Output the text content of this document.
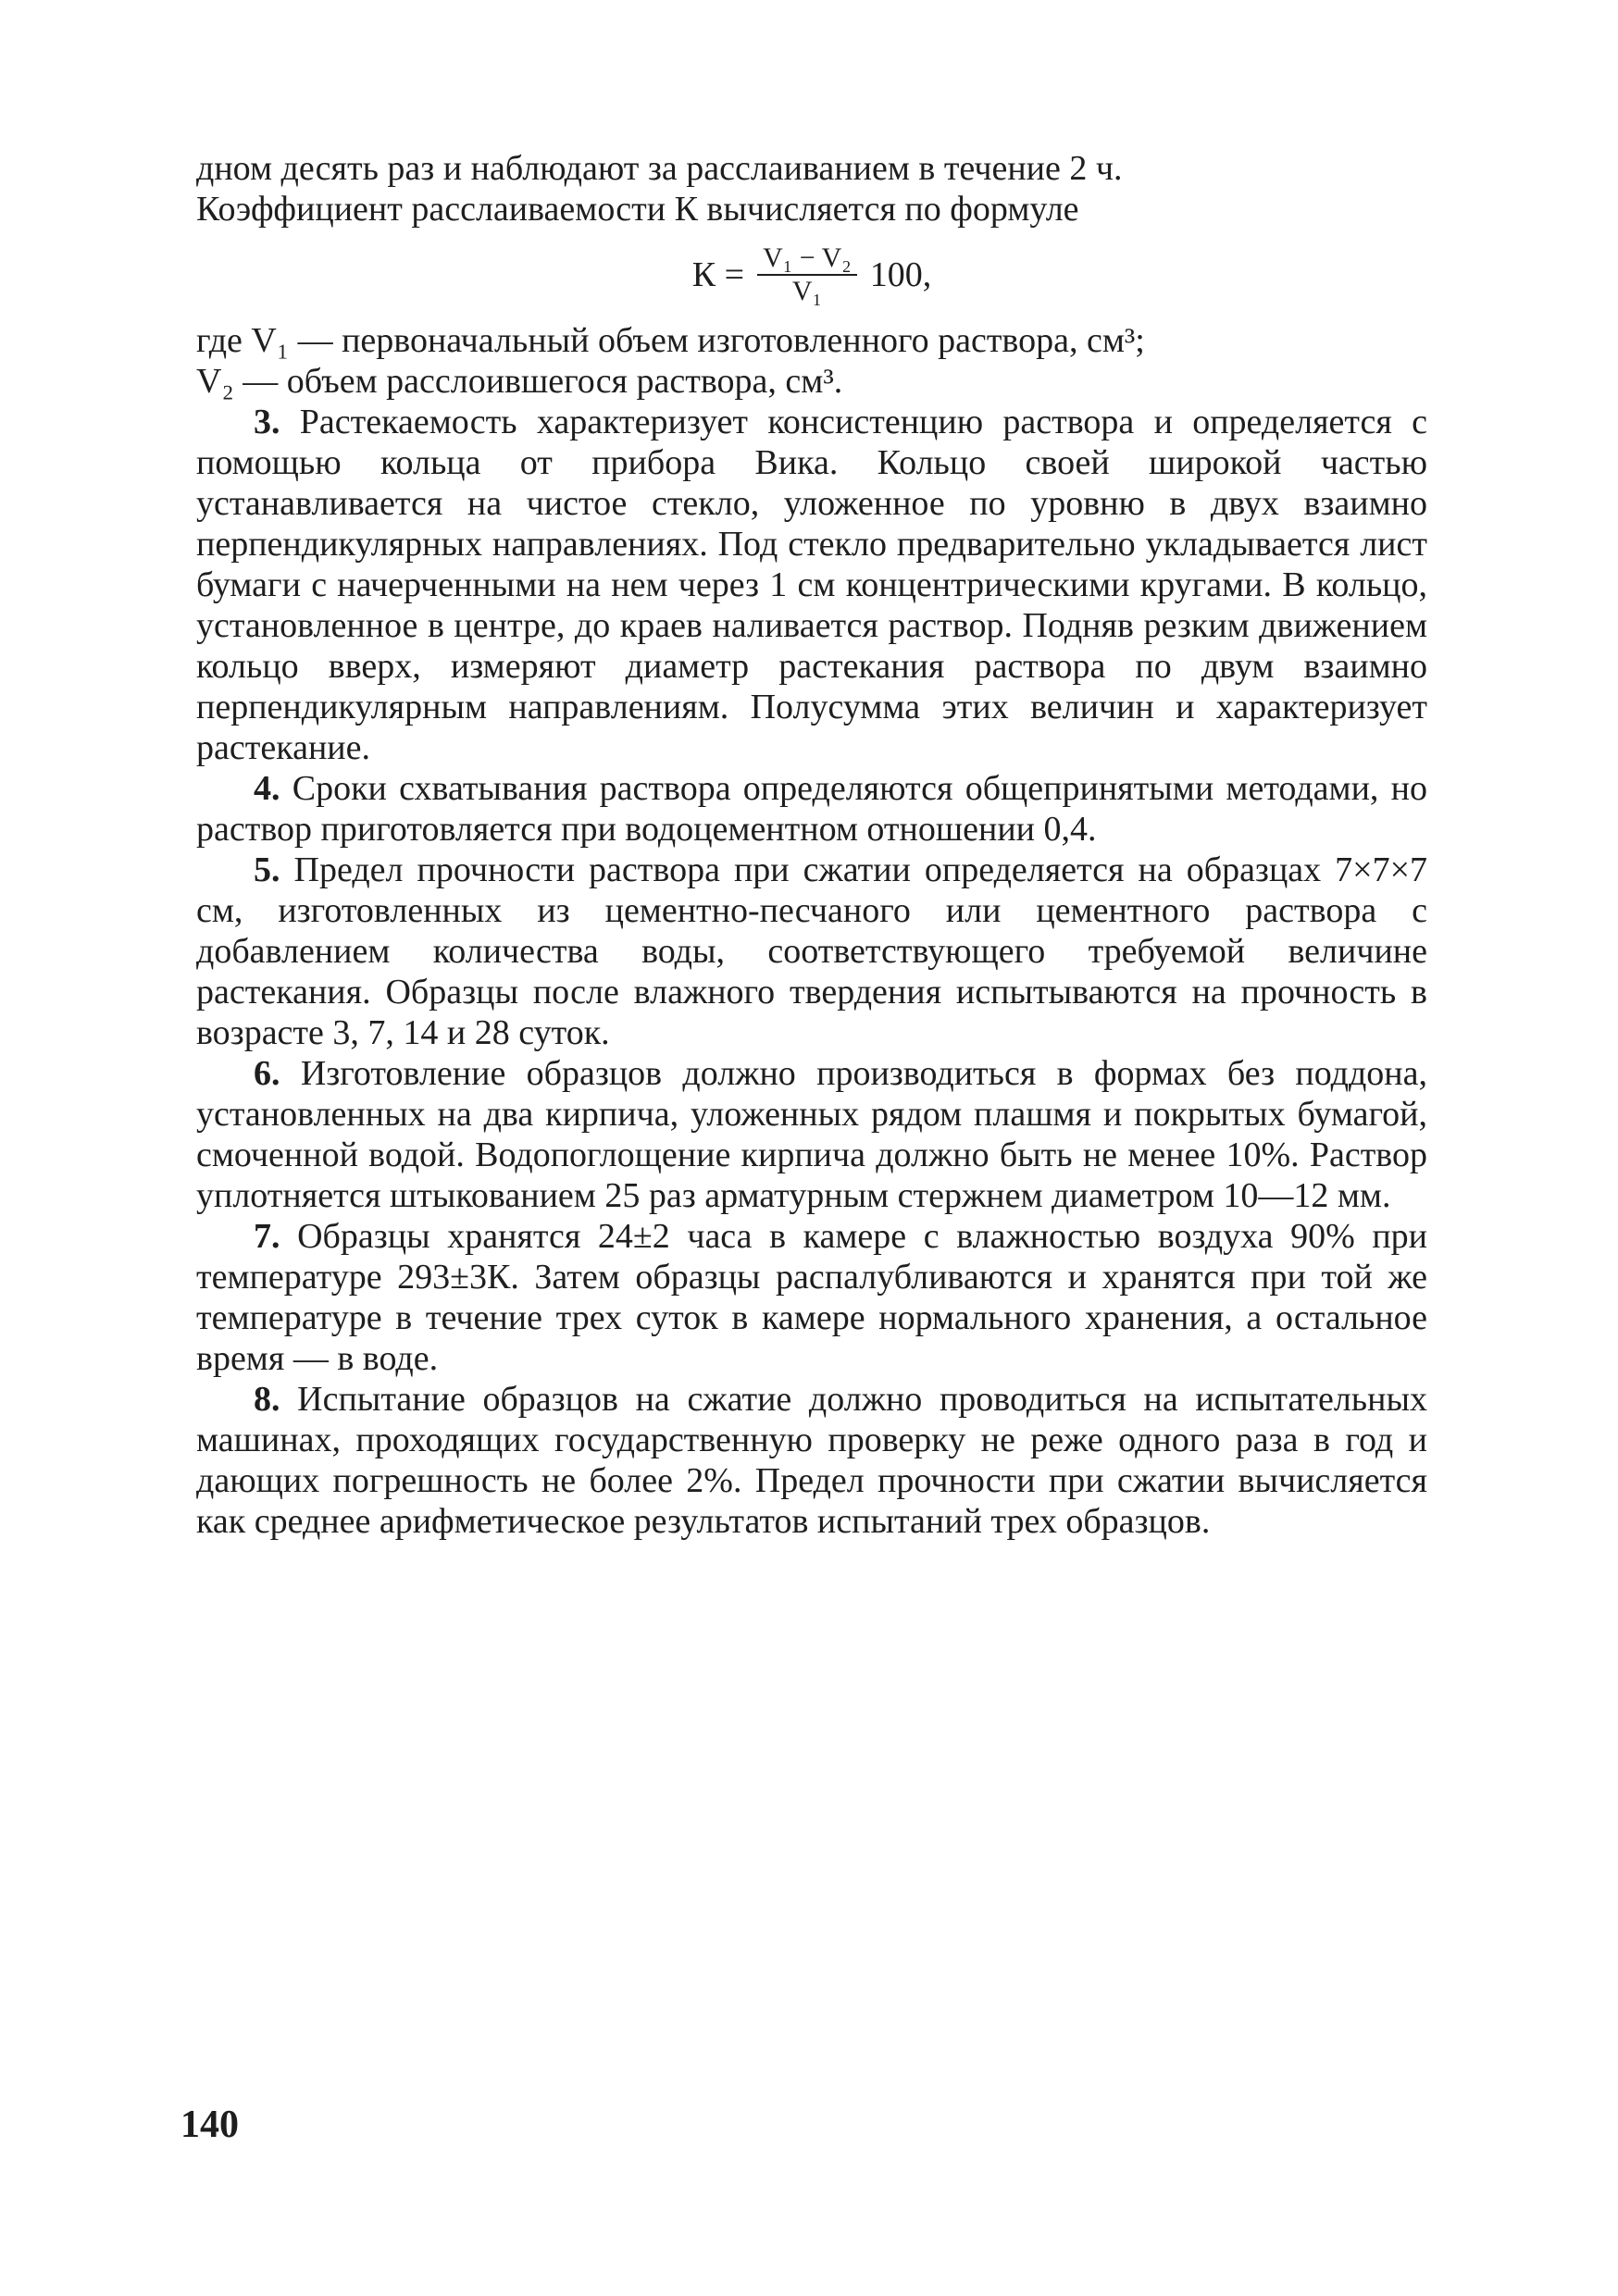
дном десять раз и наблюдают за расслаиванием в течение 2 ч.

Коэффициент расслаиваемости К вычисляется по формуле

$К = \frac{\text{V₁ − V₂}}{\text{V₁}} 100$,

где V₁ — первоначальный объем изготовленного раствора, см³;

V₂ — объем расслоившегося раствора, см³.

3. Растекаемость характеризует консистенцию раствора и определяется с помощью кольца от прибора Вика. Кольцо своей широкой частью устанавливается на чистое стекло, уложенное по уровню в двух взаимно перпендикулярных направлениях. Под стекло предварительно укладывается лист бумаги с начерченными на нем через 1 см концентрическими кругами. В кольцо, установленное в центре, до краев наливается раствор. Подняв резким движением кольцо вверх, измеряют диаметр растекания раствора по двум взаимно перпендикулярным направлениям. Полусумма этих величин и характеризует растекание.

4. Сроки схватывания раствора определяются общепринятыми методами, но раствор приготовляется при водоцементном отношении 0,4.

5. Предел прочности раствора при сжатии определяется на образцах 7×7×7 см, изготовленных из цементно-песчаного или цементного раствора с добавлением количества воды, соответствующего требуемой величине растекания. Образцы после влажного твердения испытываются на прочность в возрасте 3, 7, 14 и 28 суток.

6. Изготовление образцов должно производиться в формах без поддона, установленных на два кирпича, уложенных рядом плашмя и покрытых бумагой, смоченной водой. Водопоглощение кирпича должно быть не менее 10%. Раствор уплотняется штыкованием 25 раз арматурным стержнем диаметром 10—12 мм.

7. Образцы хранятся 24±2 часа в камере с влажностью воздуха 90% при температуре 293±3К. Затем образцы распалубливаются и хранятся при той же температуре в течение трех суток в камере нормального хранения, а остальное время — в воде.

8. Испытание образцов на сжатие должно проводиться на испытательных машинах, проходящих государственную проверку не реже одного раза в год и дающих погрешность не более 2%. Предел прочности при сжатии вычисляется как среднее арифметическое результатов испытаний трех образцов.

140
